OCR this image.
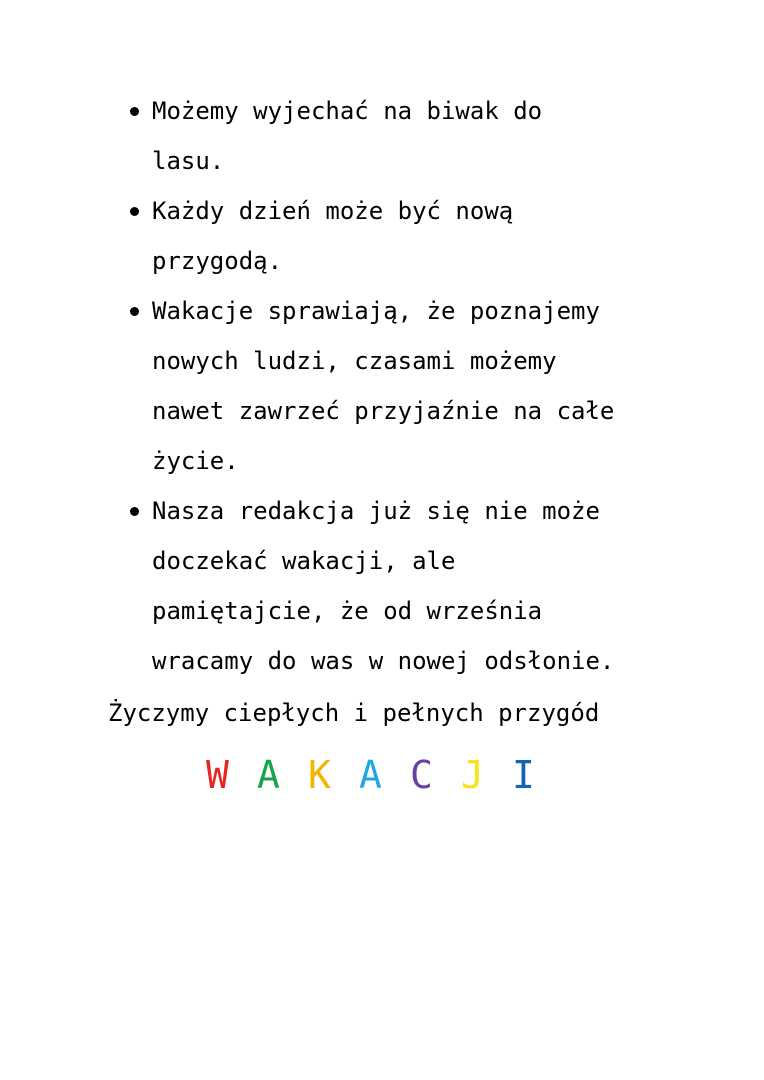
Możemy wyjechać na biwak do
lasu.
Każdy dzień może być nową
przygodą.
Wakacje sprawiają, że poznajemy
nowych ludzi, czasami możemy
nawet zawrzeć przyjaźnie na całe
życie.
Nasza redakcja już się nie może
doczekać wakacji, ale
pamiętajcie, że od września
wracamy do was w nowej odsłonie.
Życzymy ciepłych i pełnych przygód
W A K A C J I
